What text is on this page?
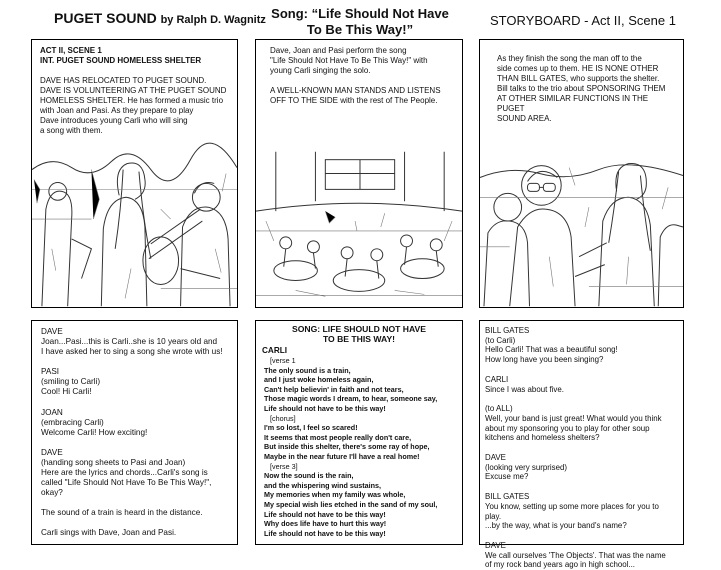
PUGET SOUND by Ralph D. Wagnitz Song: “Life Should Not Have
To Be This Way!”
STORYBOARD - Act II, Scene 1
ACT II, SCENE 1
INT. PUGET SOUND HOMELESS SHELTER
DAVE HAS RELOCATED TO PUGET SOUND.
DAVE IS VOLUNTEERING AT THE PUGET SOUND
HOMELESS SHELTER. He has formed a music trio
with Joan and Pasi. As they prepare to play
Dave introduces young Carli who will sing
a song with them.
Dave, Joan and Pasi perform the song
"Life Should Not Have To Be This Way!" with
young Carli singing the solo.
A WELL-KNOWN MAN STANDS AND LISTENS
OFF TO THE SIDE with the rest of The People.
As they finish the song the man off to the
side comes up to them. HE IS NONE OTHER
THAN BILL GATES, who supports the shelter.
Bill talks to the trio about SPONSORING THEM
AT OTHER SIMILAR FUNCTIONS IN THE PUGET
SOUND AREA.
DAVE
Joan...Pasi...this is Carli..she is 10 years old and
I have asked her to sing a song she wrote with us!
PASI
(smiling to Carli)
Cool! Hi Carli!
JOAN
(embracing Carli)
Welcome Carli! How exciting!
DAVE
(handing song sheets to Pasi and Joan)
Here are the lyrics and chords...Carli's song is
called "Life Should Not Have To Be This Way!", okay?
The sound of a train is heard in the distance.
Carli sings with Dave, Joan and Pasi.
SONG: LIFE SHOULD NOT HAVE
TO BE THIS WAY!
CARLI
[verse 1
The only sound is a train,
and I just woke homeless again,
Can't help believin' in faith and not tears,
Those magic words I dream, to hear, someone say,
Life should not have to be this way!
[chorus]
I'm so lost, I feel so scared!
It seems that most people really don't care,
But inside this shelter, there's some ray of hope,
Maybe in the near future I'll have a real home!
[verse 3]
Now the sound is the rain,
and the whispering wind sustains,
My memories when my family was whole,
My special wish lies etched in the sand of my soul,
Life should not have to be this way!
Why does life have to hurt this way!
Life should not have to be this way!
BILL GATES
(to Carli)
Hello Carli! That was a beautiful song!
How long have you been singing?
CARLI
Since I was about five.
(to ALL)
Well, your band is just great! What would you think
about my sponsoring you to play for other soup
kitchens and homeless shelters?
DAVE
(looking very surprised)
Excuse me?
BILL GATES
You know, setting up some more places for you to play.
...by the way, what is your band's name?
DAVE
We call ourselves 'The Objects'. That was the name
of my rock band years ago in high school...
